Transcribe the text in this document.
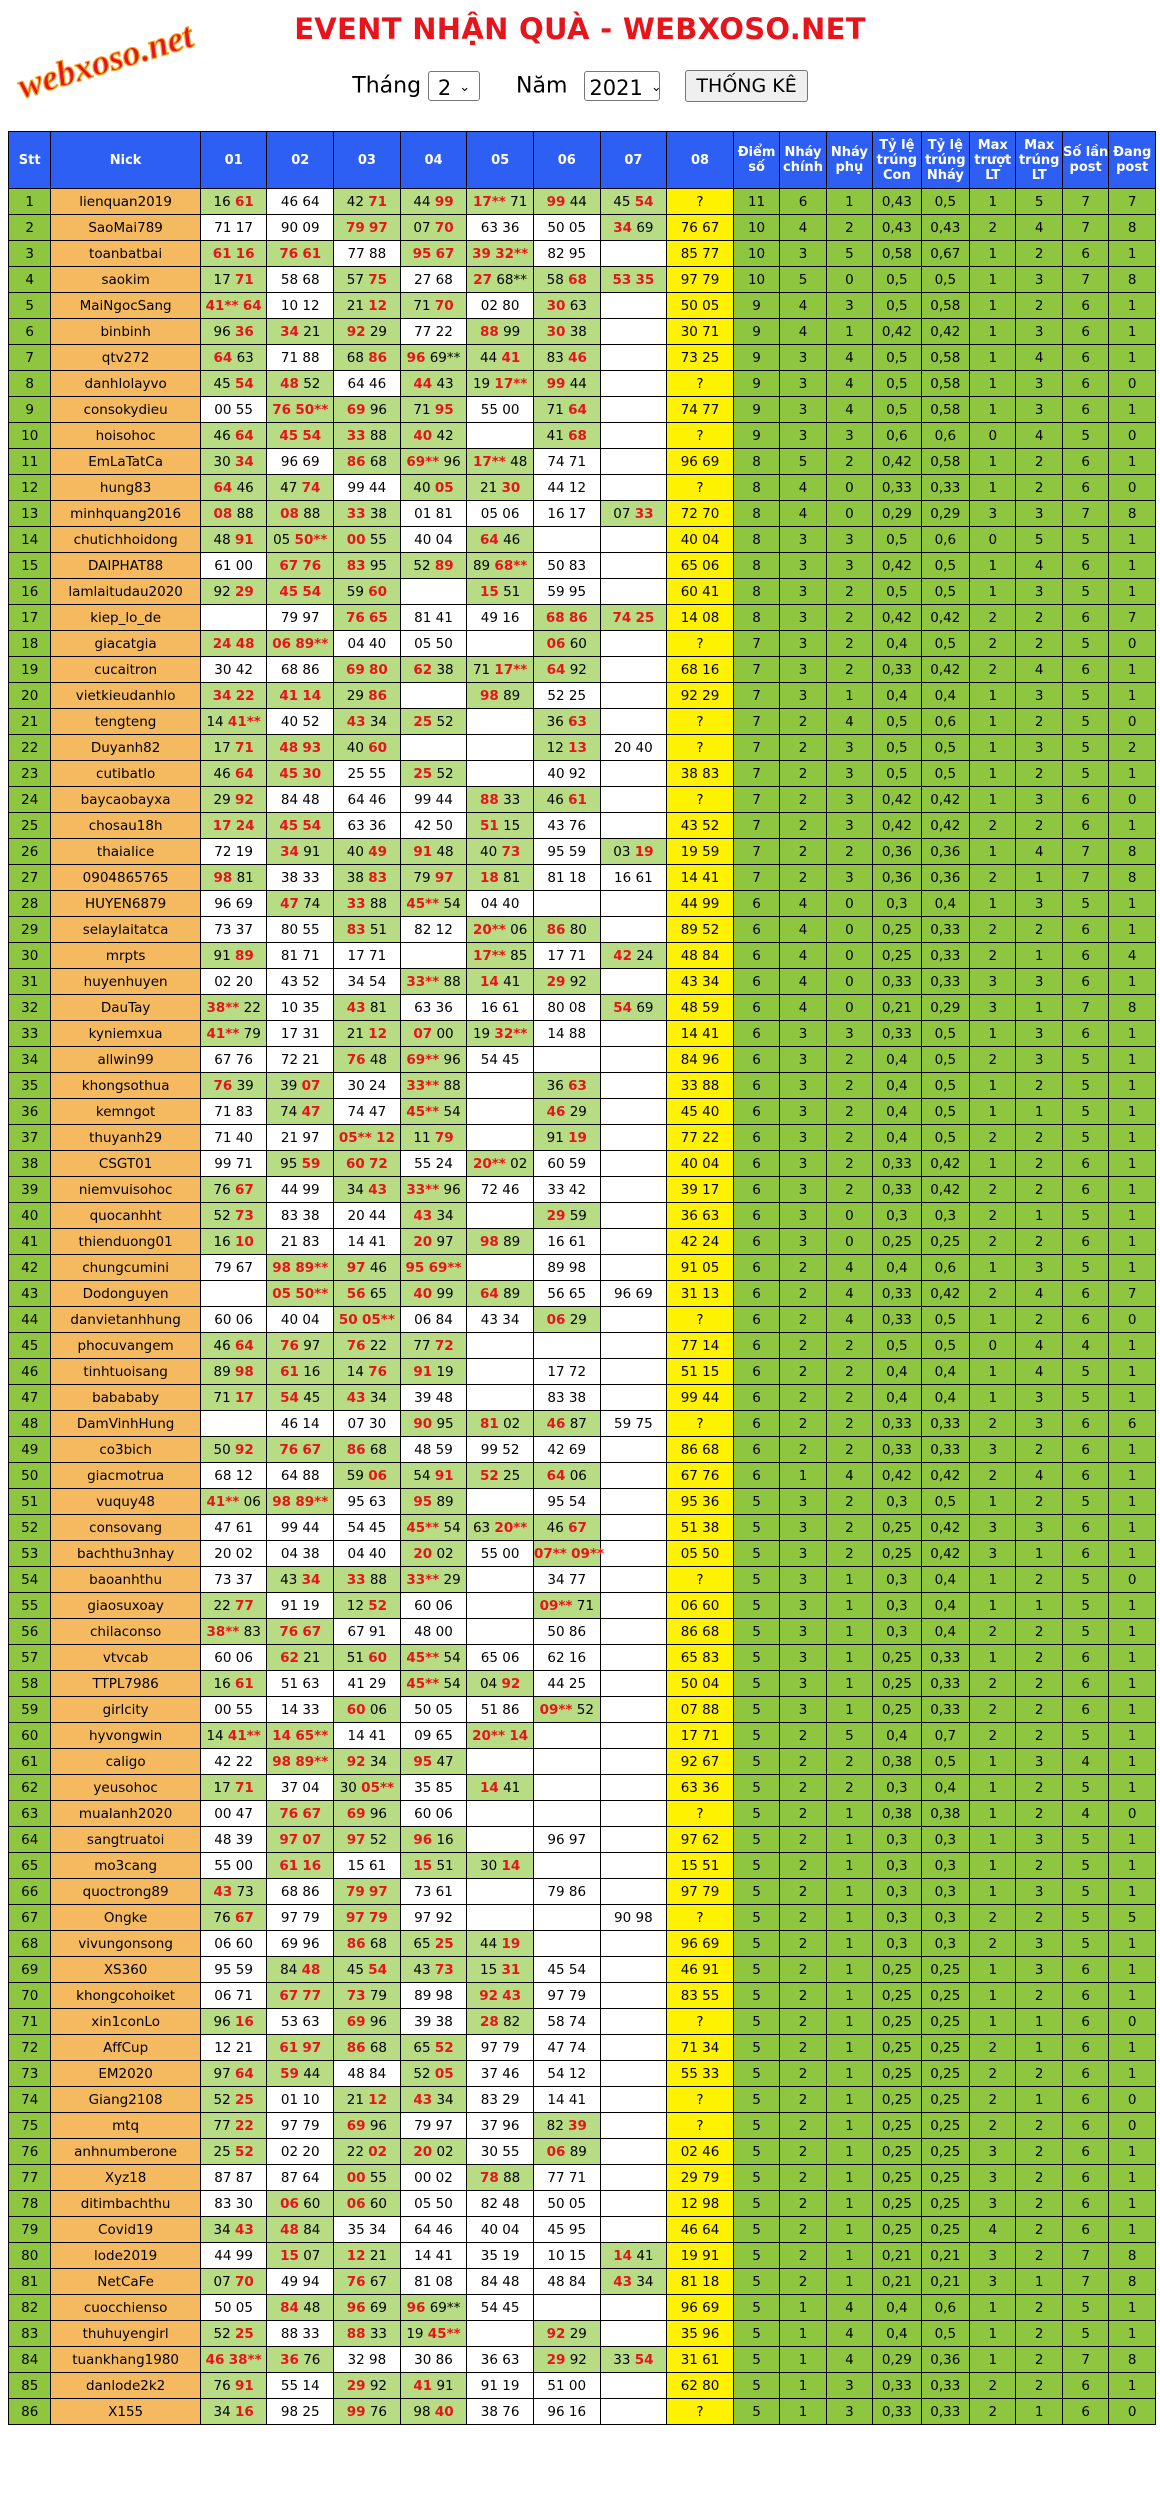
webxoso.net	EVENT NHẬN QUÀ - WEBXOSO.NET
Tháng 2 ⌄ Năm 2021 ⌄ THỐNG KÊ
Stt	Nick	01	02	03	04	05	06	07	08	Điểm số	Nháy chính	Nháy phụ	Tỷ lệ trúng Con	Tỷ lệ trúng Nháy	Max trượt LT	Max trúng LT	Số lần post	Đang post
1	lienquan2019	16 61	46 64	42 71	44 99	17** 71	99 44	45 54	?	11	6	1	0,43	0,5	1	5	7	7
2	SaoMai789	71 17	90 09	79 97	07 70	63 36	50 05	34 69	76 67	10	4	2	0,43	0,43	2	4	7	8
3	toanbatbai	61 16	76 61	77 88	95 67	39 32**	82 95		85 77	10	3	5	0,58	0,67	1	2	6	1
4	saokim	17 71	58 68	57 75	27 68	27 68**	58 68	53 35	97 79	10	5	0	0,5	0,5	1	3	7	8
5	MaiNgocSang	41** 64	10 12	21 12	71 70	02 80	30 63		50 05	9	4	3	0,5	0,58	1	2	6	1
6	binbinh	96 36	34 21	92 29	77 22	88 99	30 38		30 71	9	4	1	0,42	0,42	1	3	6	1
7	qtv272	64 63	71 88	68 86	96 69**	44 41	83 46		73 25	9	3	4	0,5	0,58	1	4	6	1
8	danhlolayvo	45 54	48 52	64 46	44 43	19 17**	99 44		?	9	3	4	0,5	0,58	1	3	6	0
9	consokydieu	00 55	76 50**	69 96	71 95	55 00	71 64		74 77	9	3	4	0,5	0,58	1	3	6	1
10	hoisohoc	46 64	45 54	33 88	40 42		41 68		?	9	3	3	0,6	0,6	0	4	5	0
11	EmLaTatCa	30 34	96 69	86 68	69** 96	17** 48	74 71		96 69	8	5	2	0,42	0,58	1	2	6	1
12	hung83	64 46	47 74	99 44	40 05	21 30	44 12		?	8	4	0	0,33	0,33	1	2	6	0
13	minhquang2016	08 88	08 88	33 38	01 81	05 06	16 17	07 33	72 70	8	4	0	0,29	0,29	3	3	7	8
14	chutichhoidong	48 91	05 50**	00 55	40 04	64 46			40 04	8	3	3	0,5	0,6	0	5	5	1
15	DAIPHAT88	61 00	67 76	83 95	52 89	89 68**	50 83		65 06	8	3	3	0,42	0,5	1	4	6	1
16	lamlaitudau2020	92 29	45 54	59 60		15 51	59 95		60 41	8	3	2	0,5	0,5	1	3	5	1
17	kiep_lo_de		79 97	76 65	81 41	49 16	68 86	74 25	14 08	8	3	2	0,42	0,42	2	2	6	7
18	giacatgia	24 48	06 89**	04 40	05 50		06 60		?	7	3	2	0,4	0,5	2	2	5	0
19	cucaitron	30 42	68 86	69 80	62 38	71 17**	64 92		68 16	7	3	2	0,33	0,42	2	4	6	1
20	vietkieudanhlo	34 22	41 14	29 86		98 89	52 25		92 29	7	3	1	0,4	0,4	1	3	5	1
21	tengteng	14 41**	40 52	43 34	25 52		36 63		?	7	2	4	0,5	0,6	1	2	5	0
22	Duyanh82	17 71	48 93	40 60			12 13	20 40	?	7	2	3	0,5	0,5	1	3	5	2
23	cutibatlo	46 64	45 30	25 55	25 52		40 92		38 83	7	2	3	0,5	0,5	1	2	5	1
24	baycaobayxa	29 92	84 48	64 46	99 44	88 33	46 61		?	7	2	3	0,42	0,42	1	3	6	0
25	chosau18h	17 24	45 54	63 36	42 50	51 15	43 76		43 52	7	2	3	0,42	0,42	2	2	6	1
26	thaialice	72 19	34 91	40 49	91 48	40 73	95 59	03 19	19 59	7	2	2	0,36	0,36	1	4	7	8
27	0904865765	98 81	38 33	38 83	79 97	18 81	81 18	16 61	14 41	7	2	3	0,36	0,36	2	1	7	8
28	HUYEN6879	96 69	47 74	33 88	45** 54	04 40			44 99	6	4	0	0,3	0,4	1	3	5	1
29	selaylaitatca	73 37	80 55	83 51	82 12	20** 06	86 80		89 52	6	4	0	0,25	0,33	2	2	6	1
30	mrpts	91 89	81 71	17 71		17** 85	17 71	42 24	48 84	6	4	0	0,25	0,33	2	1	6	4
31	huyenhuyen	02 20	43 52	34 54	33** 88	14 41	29 92		43 34	6	4	0	0,33	0,33	3	3	6	1
32	DauTay	38** 22	10 35	43 81	63 36	16 61	80 08	54 69	48 59	6	4	0	0,21	0,29	3	1	7	8
33	kyniemxua	41** 79	17 31	21 12	07 00	19 32**	14 88		14 41	6	3	3	0,33	0,5	1	3	6	1
34	allwin99	67 76	72 21	76 48	69** 96	54 45			84 96	6	3	2	0,4	0,5	2	3	5	1
35	khongsothua	76 39	39 07	30 24	33** 88		36 63		33 88	6	3	2	0,4	0,5	1	2	5	1
36	kemngot	71 83	74 47	74 47	45** 54		46 29		45 40	6	3	2	0,4	0,5	1	1	5	1
37	thuyanh29	71 40	21 97	05** 12	11 79		91 19		77 22	6	3	2	0,4	0,5	2	2	5	1
38	CSGT01	99 71	95 59	60 72	55 24	20** 02	60 59		40 04	6	3	2	0,33	0,42	1	2	6	1
39	niemvuisohoc	76 67	44 99	34 43	33** 96	72 46	33 42		39 17	6	3	2	0,33	0,42	2	2	6	1
40	quocanhht	52 73	83 38	20 44	43 34		29 59		36 63	6	3	0	0,3	0,3	2	1	5	1
41	thienduong01	16 10	21 83	14 41	20 97	98 89	16 61		42 24	6	3	0	0,25	0,25	2	2	6	1
42	chungcumini	79 67	98 89**	97 46	95 69**		89 98		91 05	6	2	4	0,4	0,6	1	3	5	1
43	Dodonguyen		05 50**	56 65	40 99	64 89	56 65	96 69	31 13	6	2	4	0,33	0,42	2	4	6	7
44	danvietanhhung	60 06	40 04	50 05**	06 84	43 34	06 29		?	6	2	4	0,33	0,5	1	2	6	0
45	phocuvangem	46 64	76 97	76 22	77 72				77 14	6	2	2	0,5	0,5	0	4	4	1
46	tinhtuoisang	89 98	61 16	14 76	91 19		17 72		51 15	6	2	2	0,4	0,4	1	4	5	1
47	babababy	71 17	54 45	43 34	39 48		83 38		99 44	6	2	2	0,4	0,4	1	3	5	1
48	DamVinhHung		46 14	07 30	90 95	81 02	46 87	59 75	?	6	2	2	0,33	0,33	2	3	6	6
49	co3bich	50 92	76 67	86 68	48 59	99 52	42 69		86 68	6	2	2	0,33	0,33	3	2	6	1
50	giacmotrua	68 12	64 88	59 06	54 91	52 25	64 06		67 76	6	1	4	0,42	0,42	2	4	6	1
51	vuquy48	41** 06	98 89**	95 63	95 89		95 54		95 36	5	3	2	0,3	0,5	1	2	5	1
52	consovang	47 61	99 44	54 45	45** 54	63 20**	46 67		51 38	5	3	2	0,25	0,42	3	3	6	1
53	bachthu3nhay	20 02	04 38	04 40	20 02	55 00	07** 09**		05 50	5	3	2	0,25	0,42	3	1	6	1
54	baoanhthu	73 37	43 34	33 88	33** 29		34 77		?	5	3	1	0,3	0,4	1	2	5	0
55	giaosuxoay	22 77	91 19	12 52	60 06		09** 71		06 60	5	3	1	0,3	0,4	1	1	5	1
56	chilaconso	38** 83	76 67	67 91	48 00		50 86		86 68	5	3	1	0,3	0,4	2	2	5	1
57	vtvcab	60 06	62 21	51 60	45** 54	65 06	62 16		65 83	5	3	1	0,25	0,33	1	2	6	1
58	TTPL7986	16 61	51 63	41 29	45** 54	04 92	44 25		50 04	5	3	1	0,25	0,33	2	2	6	1
59	girlcity	00 55	14 33	60 06	50 05	51 86	09** 52		07 88	5	3	1	0,25	0,33	2	2	6	1
60	hyvongwin	14 41**	14 65**	14 41	09 65	20** 14			17 71	5	2	5	0,4	0,7	2	2	5	1
61	caligo	42 22	98 89**	92 34	95 47				92 67	5	2	2	0,38	0,5	1	3	4	1
62	yeusohoc	17 71	37 04	30 05**	35 85	14 41			63 36	5	2	2	0,3	0,4	1	2	5	1
63	mualanh2020	00 47	76 67	69 96	60 06				?	5	2	1	0,38	0,38	1	2	4	0
64	sangtruatoi	48 39	97 07	97 52	96 16		96 97		97 62	5	2	1	0,3	0,3	1	3	5	1
65	mo3cang	55 00	61 16	15 61	15 51	30 14			15 51	5	2	1	0,3	0,3	1	2	5	1
66	quoctrong89	43 73	68 86	79 97	73 61		79 86		97 79	5	2	1	0,3	0,3	1	3	5	1
67	Ongke	76 67	97 79	97 79	97 92			90 98	?	5	2	1	0,3	0,3	2	2	5	5
68	vivungonsong	06 60	69 96	86 68	65 25	44 19			96 69	5	2	1	0,3	0,3	2	3	5	1
69	XS360	95 59	84 48	45 54	43 73	15 31	45 54		46 91	5	2	1	0,25	0,25	1	3	6	1
70	khongcohoiket	06 71	67 77	73 79	89 98	92 43	97 79		83 55	5	2	1	0,25	0,25	1	2	6	1
71	xin1conLo	96 16	53 63	69 96	39 38	28 82	58 74		?	5	2	1	0,25	0,25	1	1	6	0
72	AffCup	12 21	61 97	86 68	65 52	97 79	47 74		71 34	5	2	1	0,25	0,25	2	1	6	1
73	EM2020	97 64	59 44	48 84	52 05	37 46	54 12		55 33	5	2	1	0,25	0,25	2	2	6	1
74	Giang2108	52 25	01 10	21 12	43 34	83 29	14 41		?	5	2	1	0,25	0,25	2	1	6	0
75	mtq	77 22	97 79	69 96	79 97	37 96	82 39		?	5	2	1	0,25	0,25	2	2	6	0
76	anhnumberone	25 52	02 20	22 02	20 02	30 55	06 89		02 46	5	2	1	0,25	0,25	3	2	6	1
77	Xyz18	87 87	87 64	00 55	00 02	78 88	77 71		29 79	5	2	1	0,25	0,25	3	2	6	1
78	ditimbachthu	83 30	06 60	06 60	05 50	82 48	50 05		12 98	5	2	1	0,25	0,25	3	2	6	1
79	Covid19	34 43	48 84	35 34	64 46	40 04	45 95		46 64	5	2	1	0,25	0,25	4	2	6	1
80	lode2019	44 99	15 07	12 21	14 41	35 19	10 15	14 41	19 91	5	2	1	0,21	0,21	3	2	7	8
81	NetCaFe	07 70	49 94	76 67	81 08	84 48	48 84	43 34	81 18	5	2	1	0,21	0,21	3	1	7	8
82	cuocchienso	50 05	84 48	96 69	96 69**	54 45			96 69	5	1	4	0,4	0,6	1	2	5	1
83	thuhuyengirl	52 25	88 33	88 33	19 45**		92 29		35 96	5	1	4	0,4	0,5	1	2	5	1
84	tuankhang1980	46 38**	36 76	32 98	30 86	36 63	29 92	33 54	31 61	5	1	4	0,29	0,36	1	2	7	8
85	danlode2k2	76 91	55 14	29 92	41 91	91 19	51 00		62 80	5	1	3	0,33	0,33	2	2	6	1
86	X155	34 16	98 25	99 76	98 40	38 76	96 16		?	5	1	3	0,33	0,33	2	1	6	0
